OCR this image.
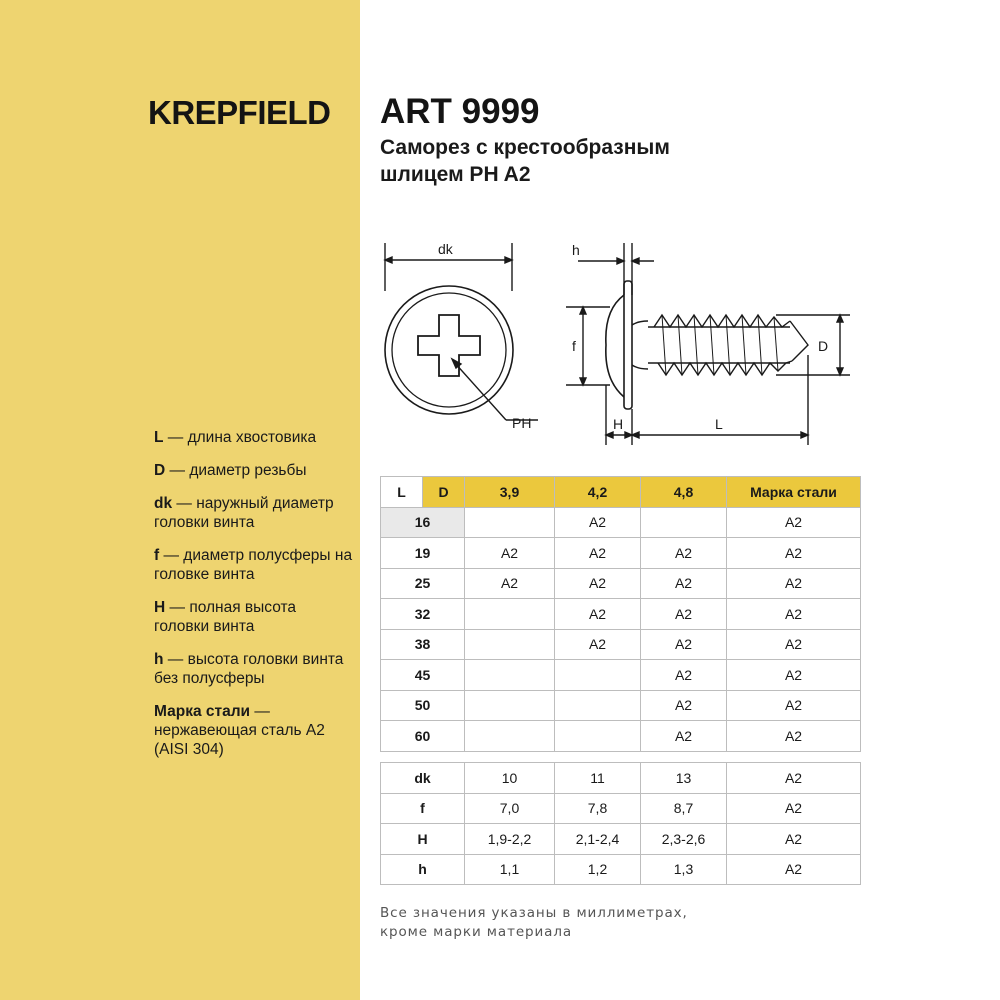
KREPFIELD
L — длина хвостовика
D — диаметр резьбы
dk — наружный диаметр головки винта
f — диаметр полусферы на головке винта
H — полная высота головки винта
h — высота головки винта без полусферы
Марка стали — нержавеющая сталь А2 (AISI 304)
ART 9999
Саморез с крестообразным
шлицем PH A2
dk
PH
h
f	D
H	L
L	D	3,9	4,2	4,8	Марка стали
16			A2		A2
19		A2	A2	A2	A2
25		A2	A2	A2	A2
32			A2	A2	A2
38			A2	A2	A2
45				A2	A2
50				A2	A2
60				A2	A2
dk	10	11	13	A2
f	7,0	7,8	8,7	A2
H	1,9-2,2	2,1-2,4	2,3-2,6	A2
h	1,1	1,2	1,3	A2
Все значения указаны в миллиметрах,
кроме марки материала
